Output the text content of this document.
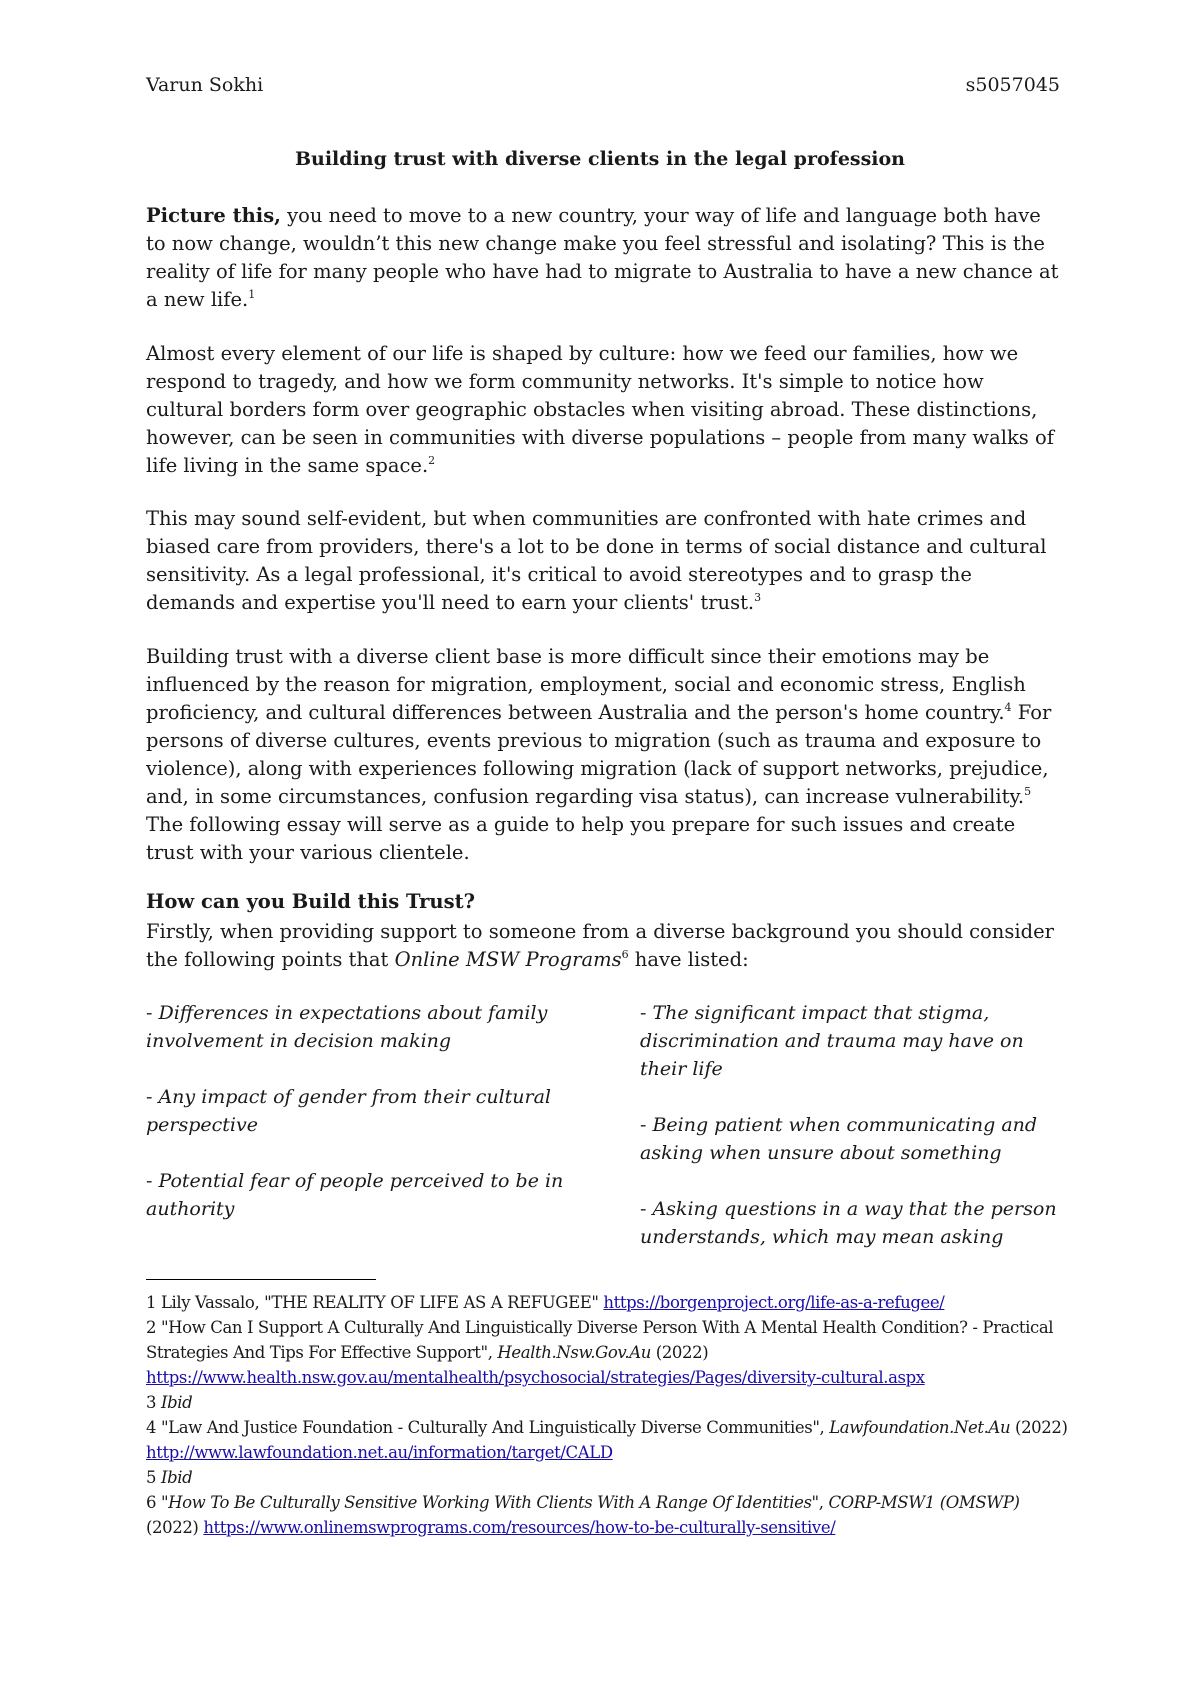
Varun Sokhi	s5057045
Building trust with diverse clients in the legal profession

Picture this, you need to move to a new country, your way of life and language both have to now change, wouldn’t this new change make you feel stressful and isolating? This is the reality of life for many people who have had to migrate to Australia to have a new chance at a new life.$^1$

Almost every element of our life is shaped by culture: how we feed our families, how we respond to tragedy, and how we form community networks. It's simple to notice how cultural borders form over geographic obstacles when visiting abroad. These distinctions, however, can be seen in communities with diverse populations – people from many walks of life living in the same space.$^2$

This may sound self-evident, but when communities are confronted with hate crimes and biased care from providers, there's a lot to be done in terms of social distance and cultural sensitivity. As a legal professional, it's critical to avoid stereotypes and to grasp the demands and expertise you'll need to earn your clients' trust.$^3$

Building trust with a diverse client base is more difficult since their emotions may be influenced by the reason for migration, employment, social and economic stress, English proficiency, and cultural differences between Australia and the person's home country.$^4$ For persons of diverse cultures, events previous to migration (such as trauma and exposure to violence), along with experiences following migration (lack of support networks, prejudice, and, in some circumstances, confusion regarding visa status), can increase vulnerability.$^5$ The following essay will serve as a guide to help you prepare for such issues and create trust with your various clientele.

How can you Build this Trust?
Firstly, when providing support to someone from a diverse background you should consider the following points that Online MSW Programs$^6$ have listed:

- Differences in expectations about family involvement in decision making

- Any impact of gender from their cultural perspective

- Potential fear of people perceived to be in authority

- The significant impact that stigma, discrimination and trauma may have on their life

- Being patient when communicating and asking when unsure about something

- Asking questions in a way that the person understands, which may mean asking

1 Lily Vassalo, "THE REALITY OF LIFE AS A REFUGEE" https://borgenproject.org/life-as-a-refugee/

2 "How Can I Support A Culturally And Linguistically Diverse Person With A Mental Health Condition? - Practical Strategies And Tips For Effective Support", Health.Nsw.Gov.Au (2022)
https://www.health.nsw.gov.au/mentalhealth/psychosocial/strategies/Pages/diversity-cultural.aspx

3 Ibid

4 "Law And Justice Foundation - Culturally And Linguistically Diverse Communities", Lawfoundation.Net.Au (2022) http://www.lawfoundation.net.au/information/target/CALD

5 Ibid

6 "How To Be Culturally Sensitive Working With Clients With A Range Of Identities", CORP-MSW1 (OMSWP) (2022) https://www.onlinemswprograms.com/resources/how-to-be-culturally-sensitive/
